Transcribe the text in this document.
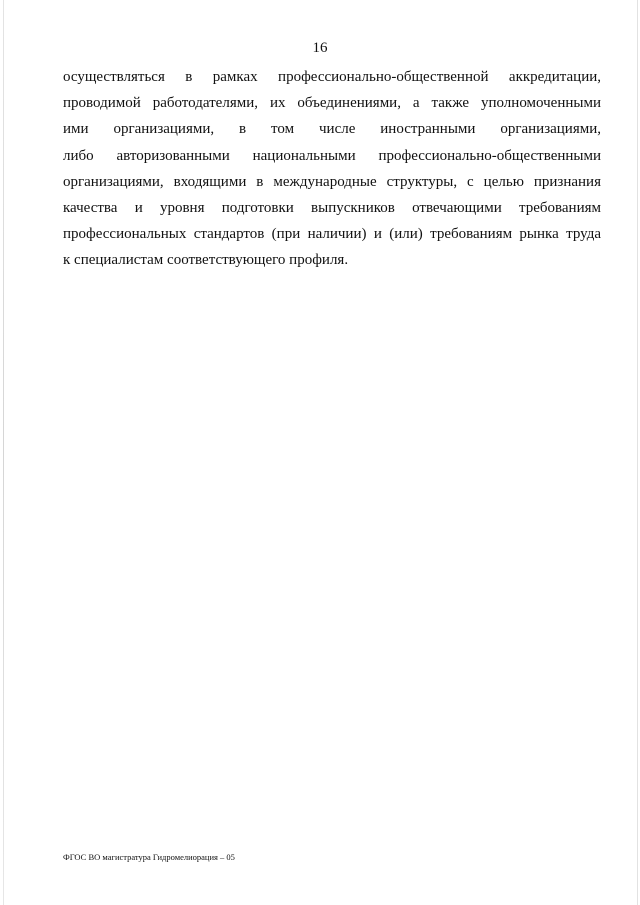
16
осуществляться в рамках профессионально-общественной аккредитации,
проводимой работодателями, их объединениями, а также уполномоченными
ими организациями, в том числе иностранными организациями,
либо авторизованными национальными профессионально-общественными
организациями, входящими в международные структуры, с целью признания
качества и уровня подготовки выпускников отвечающими требованиям
профессиональных стандартов (при наличии) и (или) требованиям рынка труда
к специалистам соответствующего профиля.
ФГОС ВО магистратура Гидромелиорация – 05
